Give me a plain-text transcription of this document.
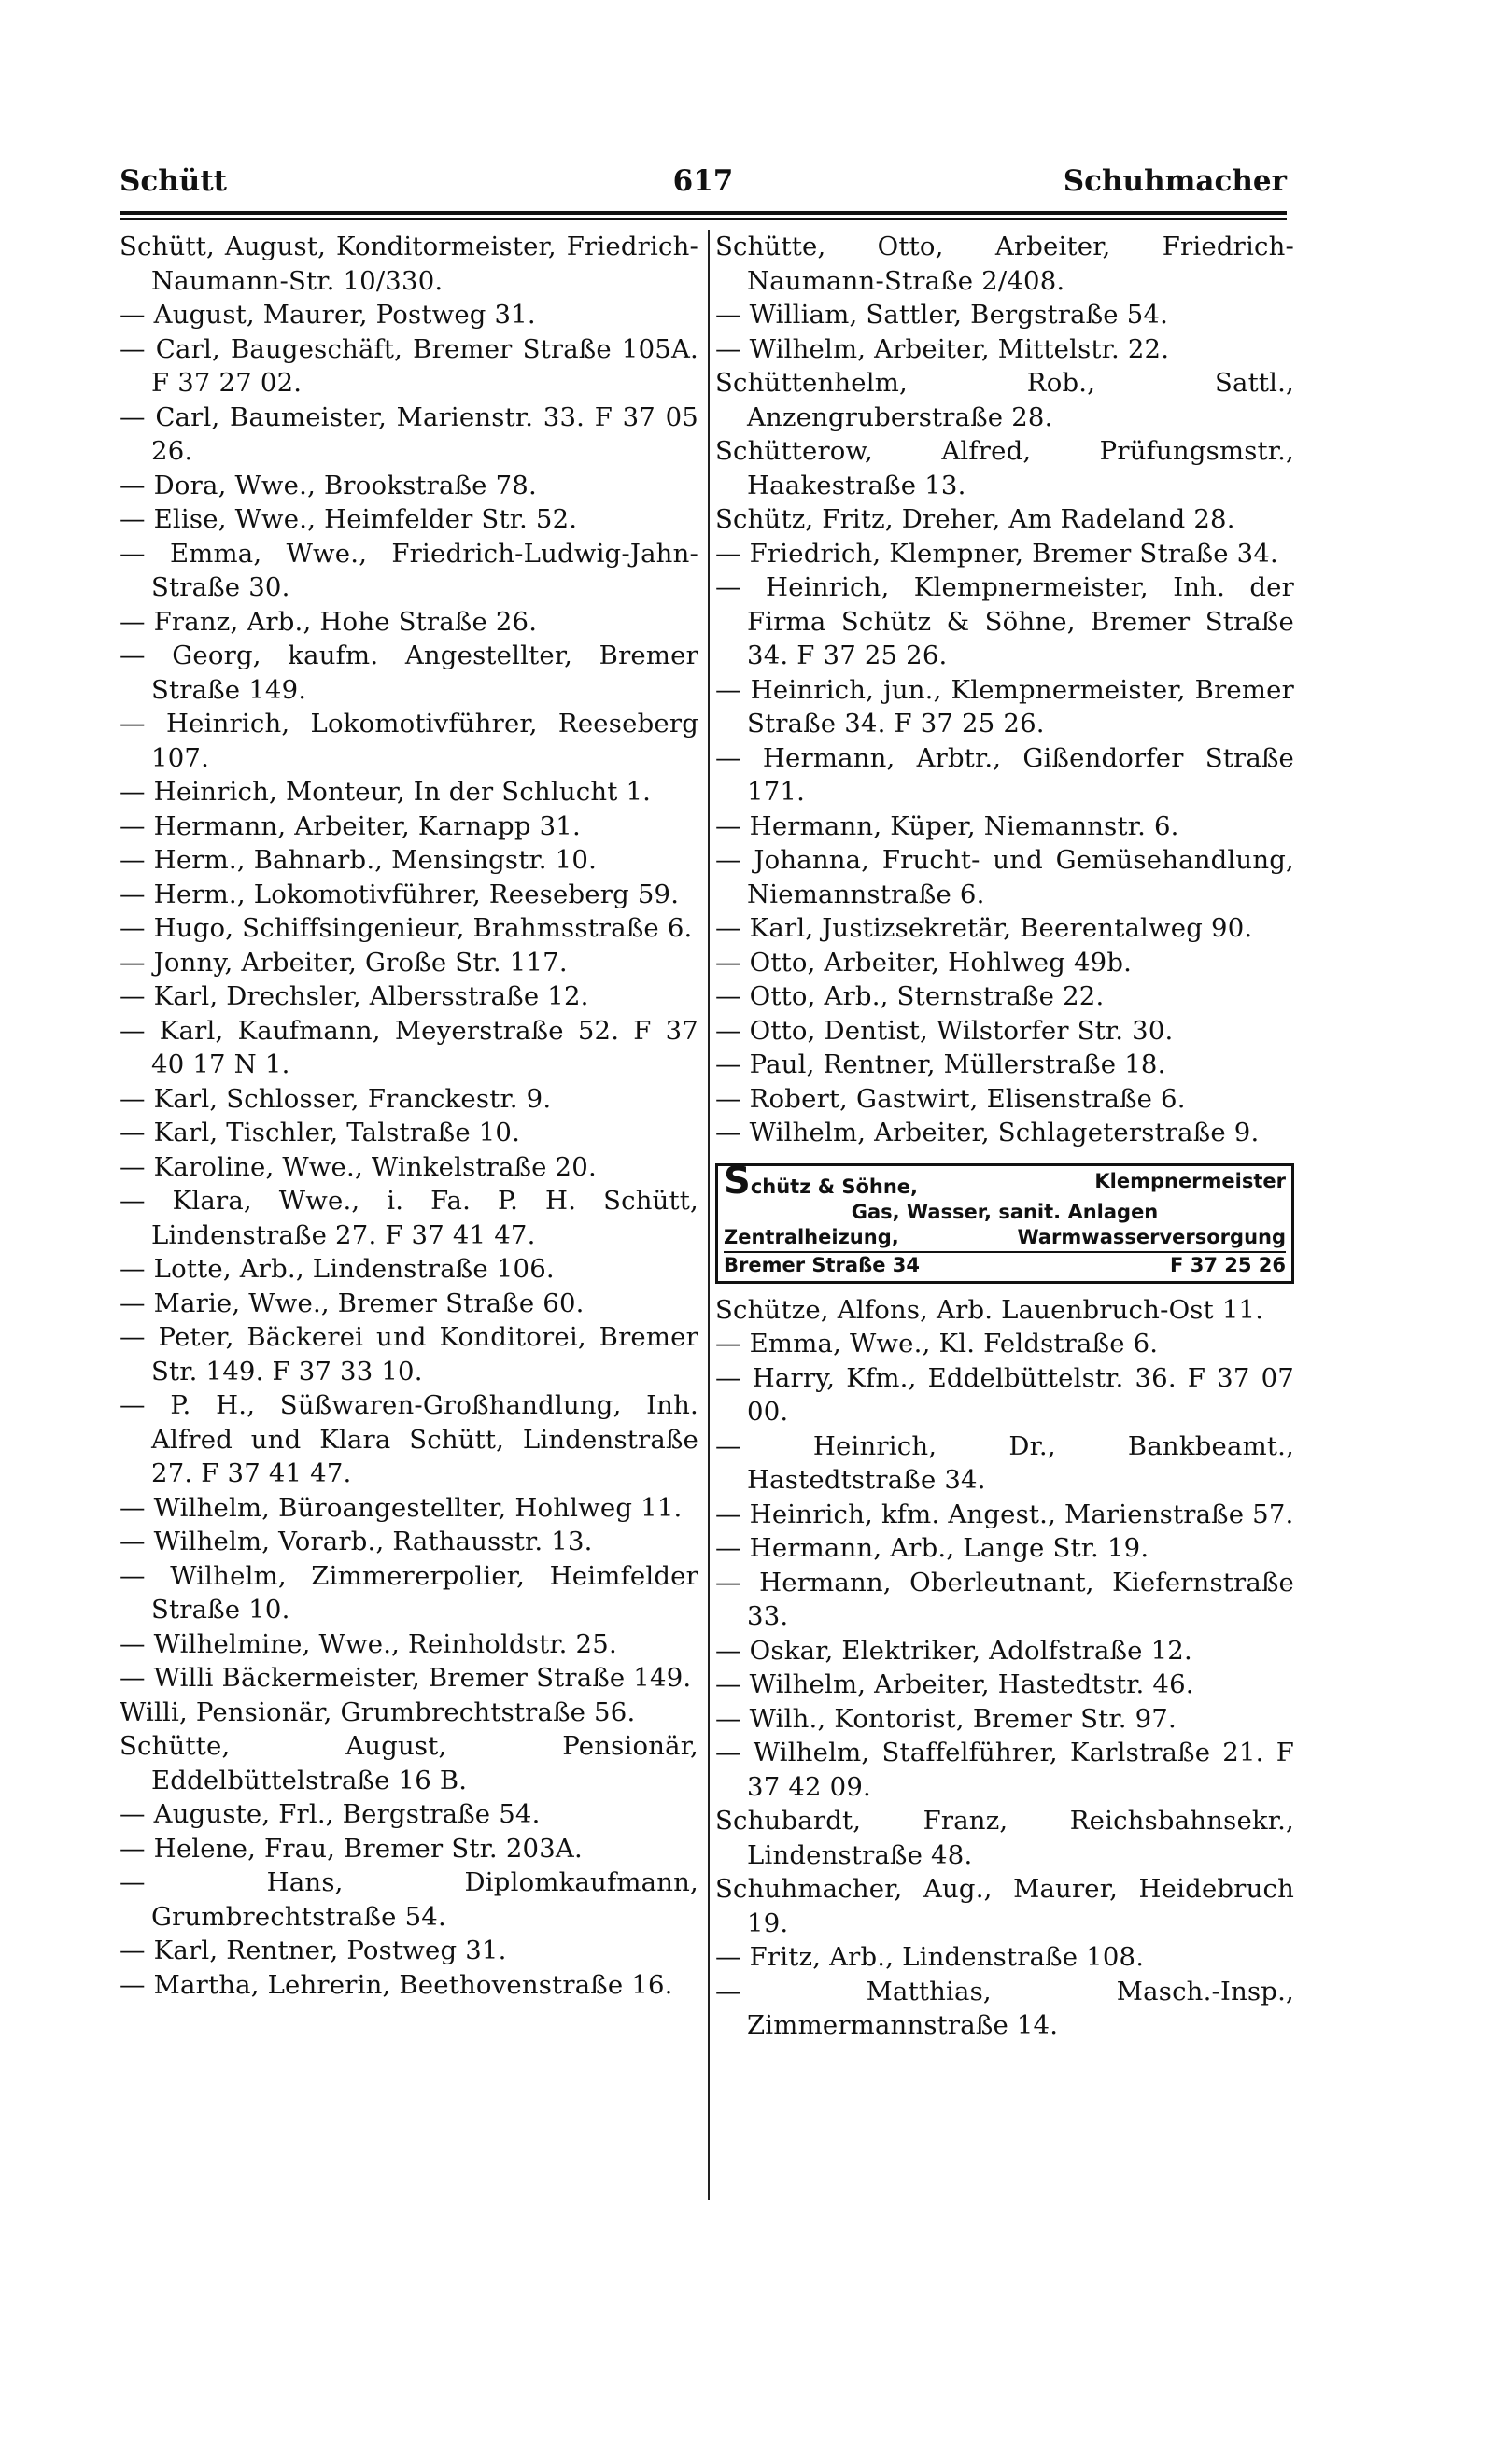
Schütt	617	Schuhmacher

Schütt, August, Konditormeister, Friedrich-Naumann-Str. 10/330.

— August, Maurer, Postweg 31.

— Carl, Baugeschäft, Bremer Straße 105A. F 37 27 02.

— Carl, Baumeister, Marienstr. 33. F 37 05 26.

— Dora, Wwe., Brookstraße 78.

— Elise, Wwe., Heimfelder Str. 52.

— Emma, Wwe., Friedrich-Ludwig-Jahn-Straße 30.

— Franz, Arb., Hohe Straße 26.

— Georg, kaufm. Angestellter, Bremer Straße 149.

— Heinrich, Lokomotivführer, Reeseberg 107.

— Heinrich, Monteur, In der Schlucht 1.

— Hermann, Arbeiter, Karnapp 31.

— Herm., Bahnarb., Mensingstr. 10.

— Herm., Lokomotivführer, Reeseberg 59.

— Hugo, Schiffsingenieur, Brahmsstraße 6.

— Jonny, Arbeiter, Große Str. 117.

— Karl, Drechsler, Albersstraße 12.

— Karl, Kaufmann, Meyerstraße 52. F 37 40 17 N 1.

— Karl, Schlosser, Franckestr. 9.

— Karl, Tischler, Talstraße 10.

— Karoline, Wwe., Winkelstraße 20.

— Klara, Wwe., i. Fa. P. H. Schütt, Lindenstraße 27. F 37 41 47.

— Lotte, Arb., Lindenstraße 106.

— Marie, Wwe., Bremer Straße 60.

— Peter, Bäckerei und Konditorei, Bremer Str. 149. F 37 33 10.

— P. H., Süßwaren-Großhandlung, Inh. Alfred und Klara Schütt, Lindenstraße 27. F 37 41 47.

— Wilhelm, Büroangestellter, Hohlweg 11.

— Wilhelm, Vorarb., Rathausstr. 13.

— Wilhelm, Zimmererpolier, Heimfelder Straße 10.

— Wilhelmine, Wwe., Reinholdstr. 25.

— Willi Bäckermeister, Bremer Straße 149.

Willi, Pensionär, Grumbrechtstraße 56.

Schütte, August, Pensionär, Eddelbüttelstraße 16 B.

— Auguste, Frl., Bergstraße 54.

— Helene, Frau, Bremer Str. 203A.

— Hans, Diplomkaufmann, Grumbrechtstraße 54.

— Karl, Rentner, Postweg 31.

— Martha, Lehrerin, Beethovenstraße 16.

Schütte, Otto, Arbeiter, Friedrich-Naumann-Straße 2/408.

— William, Sattler, Bergstraße 54.

— Wilhelm, Arbeiter, Mittelstr. 22.

Schüttenhelm, Rob., Sattl., Anzengruberstraße 28.

Schütterow, Alfred, Prüfungsmstr., Haakestraße 13.

Schütz, Fritz, Dreher, Am Radeland 28.

— Friedrich, Klempner, Bremer Straße 34.

— Heinrich, Klempnermeister, Inh. der Firma Schütz & Söhne, Bremer Straße 34. F 37 25 26.

— Heinrich, jun., Klempnermeister, Bremer Straße 34. F 37 25 26.

— Hermann, Arbtr., Gißendorfer Straße 171.

— Hermann, Küper, Niemannstr. 6.

— Johanna, Frucht- und Gemüsehandlung, Niemannstraße 6.

— Karl, Justizsekretär, Beerentalweg 90.

— Otto, Arbeiter, Hohlweg 49b.

— Otto, Arb., Sternstraße 22.

— Otto, Dentist, Wilstorfer Str. 30.

— Paul, Rentner, Müllerstraße 18.

— Robert, Gastwirt, Elisenstraße 6.

— Wilhelm, Arbeiter, Schlageterstraße 9.

Schütz & Söhne,	Klempnermeister
Gas, Wasser, sanit. Anlagen
Zentralheizung,	Warmwasserversorgung
Bremer Straße 34	F 37 25 26

Schütze, Alfons, Arb. Lauenbruch-Ost 11.

— Emma, Wwe., Kl. Feldstraße 6.

— Harry, Kfm., Eddelbüttelstr. 36. F 37 07 00.

— Heinrich, Dr., Bankbeamt., Hastedtstraße 34.

— Heinrich, kfm. Angest., Marienstraße 57.

— Hermann, Arb., Lange Str. 19.

— Hermann, Oberleutnant, Kiefernstraße 33.

— Oskar, Elektriker, Adolfstraße 12.

— Wilhelm, Arbeiter, Hastedtstr. 46.

— Wilh., Kontorist, Bremer Str. 97.

— Wilhelm, Staffelführer, Karlstraße 21. F 37 42 09.

Schubardt, Franz, Reichsbahnsekr., Lindenstraße 48.

Schuhmacher, Aug., Maurer, Heidebruch 19.

— Fritz, Arb., Lindenstraße 108.

— Matthias, Masch.-Insp., Zimmermannstraße 14.
